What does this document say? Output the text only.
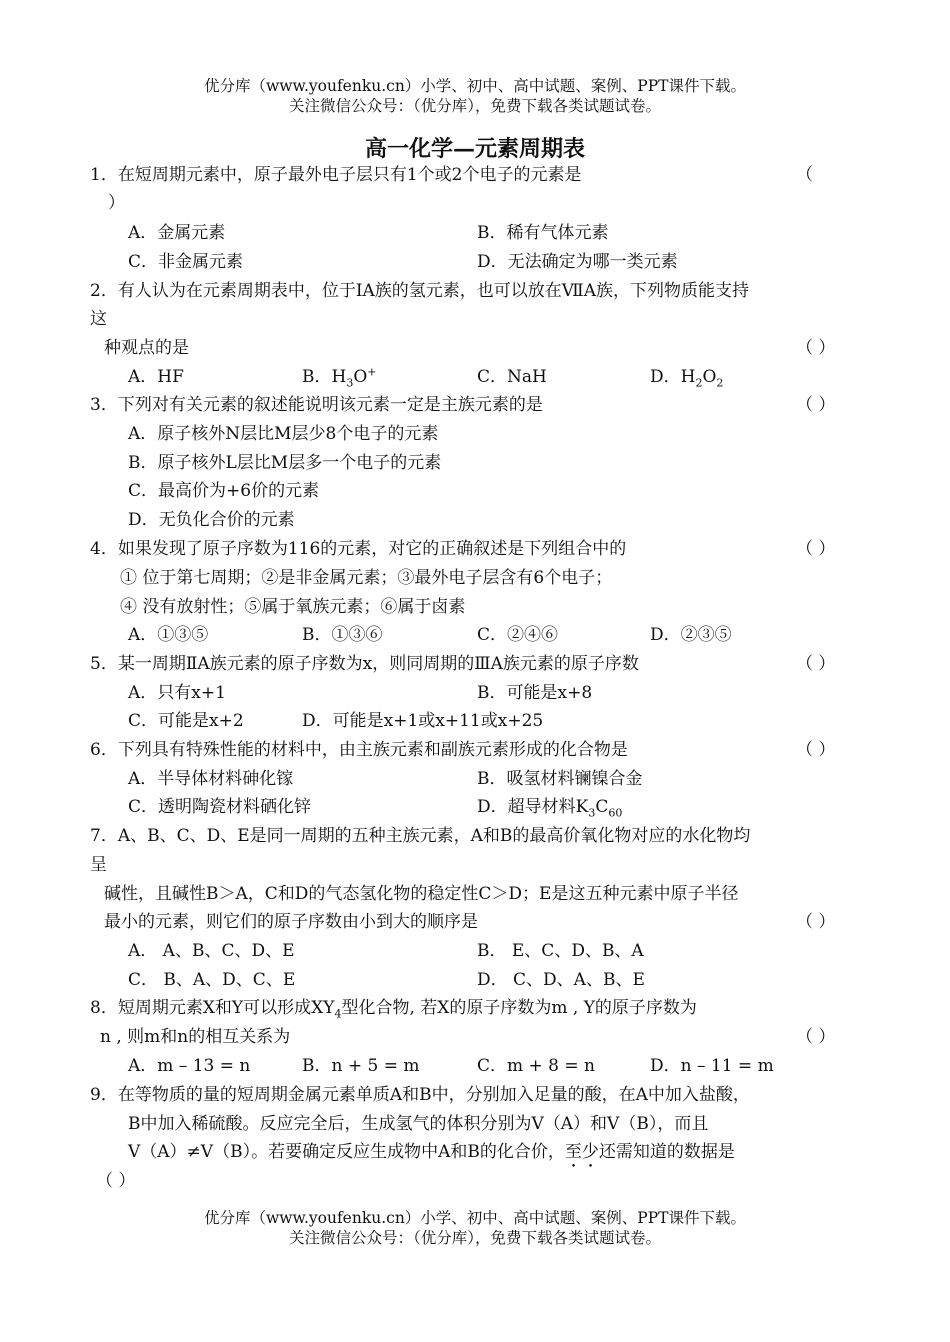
优分库（www.youfenku.cn）小学、初中、高中试题、案例、PPT课件下载。
关注微信公众号：（优分库），免费下载各类试题试卷。
高一化学—元素周期表
1．在短周期元素中，原子最外电子层只有1个或2个电子的元素是	（
）
A．金属元素	B．稀有气体元素
C．非金属元素	D．无法确定为哪一类元素
2．有人认为在元素周期表中，位于ⅠA族的氢元素，也可以放在ⅦA族，下列物质能支持
这
种观点的是	（ ）
A．HF	B．$H_3O^+$	C．NaH	D．$H_2O_2$
3．下列对有关元素的叙述能说明该元素一定是主族元素的是	（ ）
A．原子核外N层比M层少8个电子的元素
B．原子核外L层比M层多一个电子的元素
C．最高价为+6价的元素
D．无负化合价的元素
4．如果发现了原子序数为116的元素，对它的正确叙述是下列组合中的	（ ）
① 位于第七周期；②是非金属元素；③最外电子层含有6个电子；
④ 没有放射性；⑤属于氧族元素；⑥属于卤素
A．①③⑤	B．①③⑥	C．②④⑥	D．②③⑤
5．某一周期ⅡA族元素的原子序数为x，则同周期的ⅢA族元素的原子序数	（ ）
A．只有x+1	B．可能是x+8
C．可能是x+2	D．可能是x+1或x+11或x+25
6．下列具有特殊性能的材料中，由主族元素和副族元素形成的化合物是	（ ）
A．半导体材料砷化镓	B．吸氢材料镧镍合金
C．透明陶瓷材料硒化锌	D．超导材料$K_3C_{60}$
7．A、B、C、D、E是同一周期的五种主族元素，A和B的最高价氧化物对应的水化物均
呈
碱性，且碱性B＞A，C和D的气态氢化物的稳定性C＞D；E是这五种元素中原子半径
最小的元素，则它们的原子序数由小到大的顺序是	（ ）
A． A、B、C、D、E	B． E、C、D、B、A
C． B、A、D、C、E	D． C、D、A、B、E
8．短周期元素X和Y可以形成$XY_4$型化合物, 若X的原子序数为m , Y的原子序数为
n , 则m和n的相互关系为	（ ）
A．m – 13 = n	B．n + 5 = m	C．m + 8 = n	D．n – 11 = m
9．在等物质的量的短周期金属元素单质A和B中，分别加入足量的酸，在A中加入盐酸，
B中加入稀硫酸。反应完全后，生成氢气的体积分别为V（A）和V（B），而且
V（A）≠V（B）。若要确定反应生成物中A和B的化合价，至少还需知道的数据是
（ ）
优分库（www.youfenku.cn）小学、初中、高中试题、案例、PPT课件下载。
关注微信公众号：（优分库），免费下载各类试题试卷。
